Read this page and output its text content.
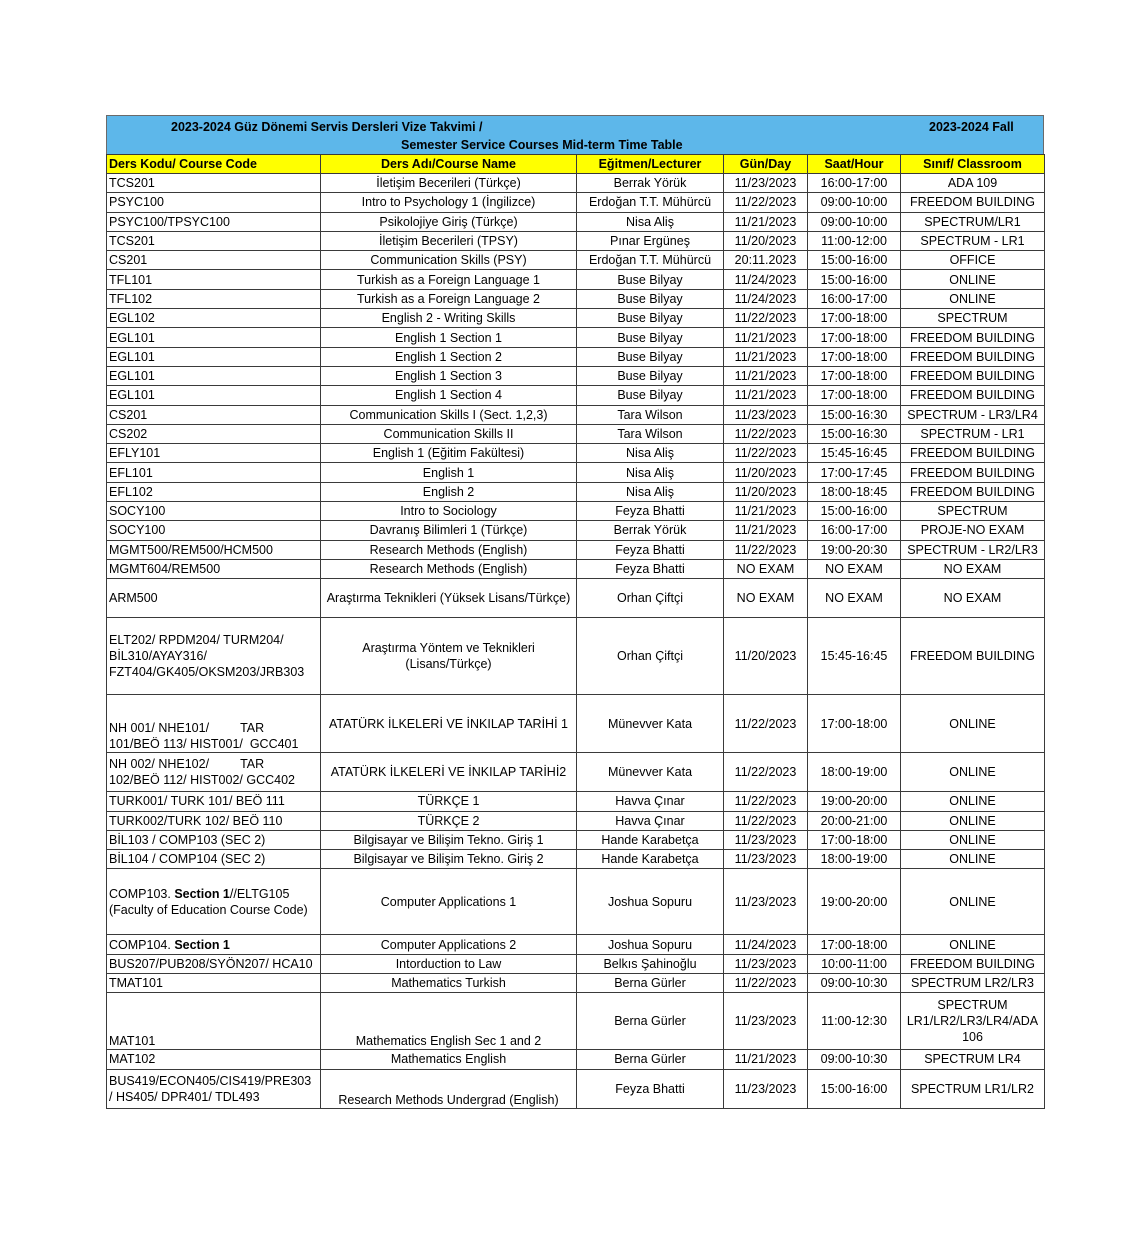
2023-2024 Güz Dönemi Servis Dersleri Vize Takvimi /
Semester Service Courses Mid-term Time Table
2023-2024 Fall
Ders Kodu/ Course Code	Ders Adı/Course Name	Eğitmen/Lecturer	Gün/Day	Saat/Hour	Sınıf/ Classroom
TCS201	İletişim Becerileri (Türkçe)	Berrak Yörük	11/23/2023	16:00-17:00	ADA 109
PSYC100	Intro to Psychology 1 (İngilizce)	Erdoğan T.T. Mühürcü	11/22/2023	09:00-10:00	FREEDOM BUILDING
PSYC100/TPSYC100	Psikolojiye Giriş (Türkçe)	Nisa Aliş	11/21/2023	09:00-10:00	SPECTRUM/LR1
TCS201	İletişim Becerileri (TPSY)	Pınar Ergüneş	11/20/2023	11:00-12:00	SPECTRUM - LR1
CS201	Communication Skills (PSY)	Erdoğan T.T. Mühürcü	20:11.2023	15:00-16:00	OFFICE
TFL101	Turkish as a Foreign Language 1	Buse Bilyay	11/24/2023	15:00-16:00	ONLINE
TFL102	Turkish as a Foreign Language 2	Buse Bilyay	11/24/2023	16:00-17:00	ONLINE
EGL102	English 2 - Writing Skills	Buse Bilyay	11/22/2023	17:00-18:00	SPECTRUM
EGL101	English 1 Section 1	Buse Bilyay	11/21/2023	17:00-18:00	FREEDOM BUILDING
EGL101	English 1 Section 2	Buse Bilyay	11/21/2023	17:00-18:00	FREEDOM BUILDING
EGL101	English 1 Section 3	Buse Bilyay	11/21/2023	17:00-18:00	FREEDOM BUILDING
EGL101	English 1 Section 4	Buse Bilyay	11/21/2023	17:00-18:00	FREEDOM BUILDING
CS201	Communication Skills I (Sect. 1,2,3)	Tara Wilson	11/23/2023	15:00-16:30	SPECTRUM - LR3/LR4
CS202	Communication Skills II	Tara Wilson	11/22/2023	15:00-16:30	SPECTRUM - LR1
EFLY101	English 1 (Eğitim Fakültesi)	Nisa Aliş	11/22/2023	15:45-16:45	FREEDOM BUILDING
EFL101	English 1	Nisa Aliş	11/20/2023	17:00-17:45	FREEDOM BUILDING
EFL102	English 2	Nisa Aliş	11/20/2023	18:00-18:45	FREEDOM BUILDING
SOCY100	Intro to Sociology	Feyza Bhatti	11/21/2023	15:00-16:00	SPECTRUM
SOCY100	Davranış Bilimleri 1 (Türkçe)	Berrak Yörük	11/21/2023	16:00-17:00	PROJE-NO EXAM
MGMT500/REM500/HCM500	Research Methods (English)	Feyza Bhatti	11/22/2023	19:00-20:30	SPECTRUM - LR2/LR3
MGMT604/REM500	Research Methods (English)	Feyza Bhatti	NO EXAM	NO EXAM	NO EXAM
ARM500	Araştırma Teknikleri (Yüksek Lisans/Türkçe)	Orhan Çiftçi	NO EXAM	NO EXAM	NO EXAM
ELT202/ RPDM204/ TURM204/ BİL310/AYAY316/ FZT404/GK405/OKSM203/JRB303	Araştırma Yöntem ve Teknikleri (Lisans/Türkçe)	Orhan Çiftçi	11/20/2023	15:45-16:45	FREEDOM BUILDING
NH 001/ NHE101/         TAR 101/BEÖ 113/ HIST001/  GCC401	ATATÜRK İLKELERİ VE İNKILAP TARİHİ 1	Münevver Kata	11/22/2023	17:00-18:00	ONLINE
NH 002/ NHE102/         TAR 102/BEÖ 112/ HIST002/ GCC402	ATATÜRK İLKELERİ VE İNKILAP TARİHİ2	Münevver Kata	11/22/2023	18:00-19:00	ONLINE
TURK001/ TURK 101/ BEÖ 111	TÜRKÇE 1	Havva Çınar	11/22/2023	19:00-20:00	ONLINE
TURK002/TURK 102/ BEÖ 110	TÜRKÇE 2	Havva Çınar	11/22/2023	20:00-21:00	ONLINE
BİL103 / COMP103 (SEC 2)	Bilgisayar ve Bilişim Tekno. Giriş 1	Hande Karabetça	11/23/2023	17:00-18:00	ONLINE
BİL104 / COMP104 (SEC 2)	Bilgisayar ve Bilişim Tekno. Giriş 2	Hande Karabetça	11/23/2023	18:00-19:00	ONLINE
COMP103. Section 1//ELTG105 (Faculty of Education Course Code)	Computer Applications 1	Joshua Sopuru	11/23/2023	19:00-20:00	ONLINE
COMP104. Section 1	Computer Applications 2	Joshua Sopuru	11/24/2023	17:00-18:00	ONLINE
BUS207/PUB208/SYÖN207/ HCA10	Intorduction to Law	Belkıs Şahinoğlu	11/23/2023	10:00-11:00	FREEDOM BUILDING
TMAT101	Mathematics Turkish	Berna Gürler	11/22/2023	09:00-10:30	SPECTRUM LR2/LR3
MAT101	Mathematics English Sec 1 and 2	Berna Gürler	11/23/2023	11:00-12:30	SPECTRUM LR1/LR2/LR3/LR4/ADA 106
MAT102	Mathematics English	Berna Gürler	11/21/2023	09:00-10:30	SPECTRUM LR4
BUS419/ECON405/CIS419/PRE303 / HS405/ DPR401/ TDL493	Research Methods Undergrad (English)	Feyza Bhatti	11/23/2023	15:00-16:00	SPECTRUM LR1/LR2
